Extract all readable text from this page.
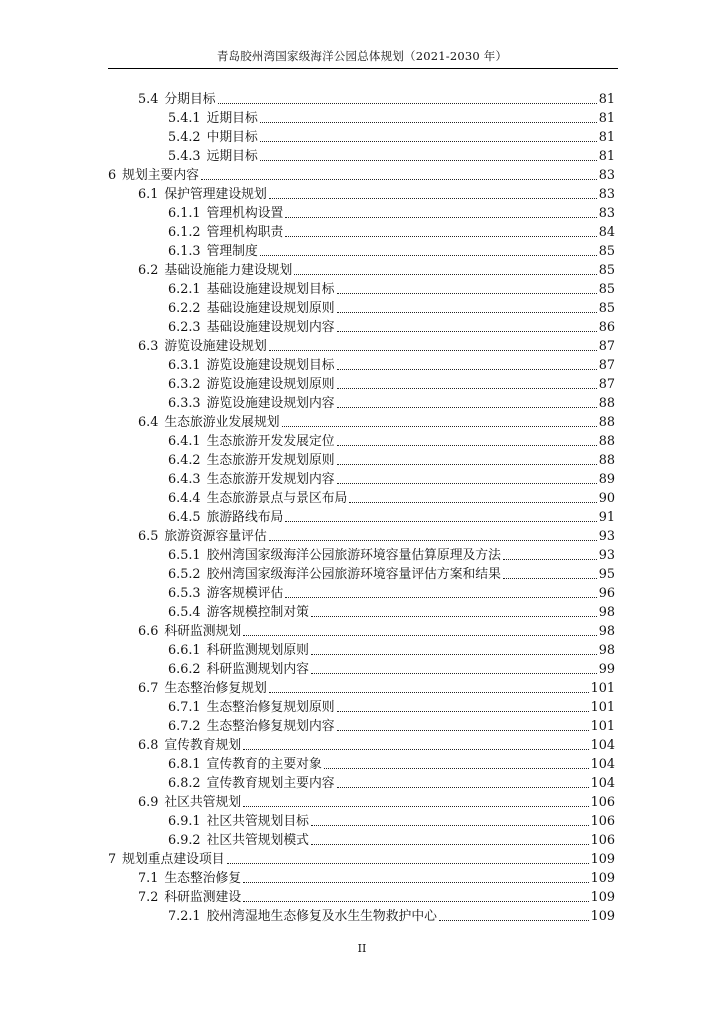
青岛胶州湾国家级海洋公园总体规划（2021-2030 年）
5.4 分期目标	81
5.4.1 近期目标	81
5.4.2 中期目标	81
5.4.3 远期目标	81
6 规划主要内容	83
6.1 保护管理建设规划	83
6.1.1 管理机构设置	83
6.1.2 管理机构职责	84
6.1.3 管理制度	85
6.2 基础设施能力建设规划	85
6.2.1 基础设施建设规划目标	85
6.2.2 基础设施建设规划原则	85
6.2.3 基础设施建设规划内容	86
6.3 游览设施建设规划	87
6.3.1 游览设施建设规划目标	87
6.3.2 游览设施建设规划原则	87
6.3.3 游览设施建设规划内容	88
6.4 生态旅游业发展规划	88
6.4.1 生态旅游开发发展定位	88
6.4.2 生态旅游开发规划原则	88
6.4.3 生态旅游开发规划内容	89
6.4.4 生态旅游景点与景区布局	90
6.4.5 旅游路线布局	91
6.5 旅游资源容量评估	93
6.5.1 胶州湾国家级海洋公园旅游环境容量估算原理及方法	93
6.5.2 胶州湾国家级海洋公园旅游环境容量评估方案和结果	95
6.5.3 游客规模评估	96
6.5.4 游客规模控制对策	98
6.6 科研监测规划	98
6.6.1 科研监测规划原则	98
6.6.2 科研监测规划内容	99
6.7 生态整治修复规划	101
6.7.1 生态整治修复规划原则	101
6.7.2 生态整治修复规划内容	101
6.8 宣传教育规划	104
6.8.1 宣传教育的主要对象	104
6.8.2 宣传教育规划主要内容	104
6.9 社区共管规划	106
6.9.1 社区共管规划目标	106
6.9.2 社区共管规划模式	106
7 规划重点建设项目	109
7.1 生态整治修复	109
7.2 科研监测建设	109
7.2.1 胶州湾湿地生态修复及水生生物救护中心	109
II
